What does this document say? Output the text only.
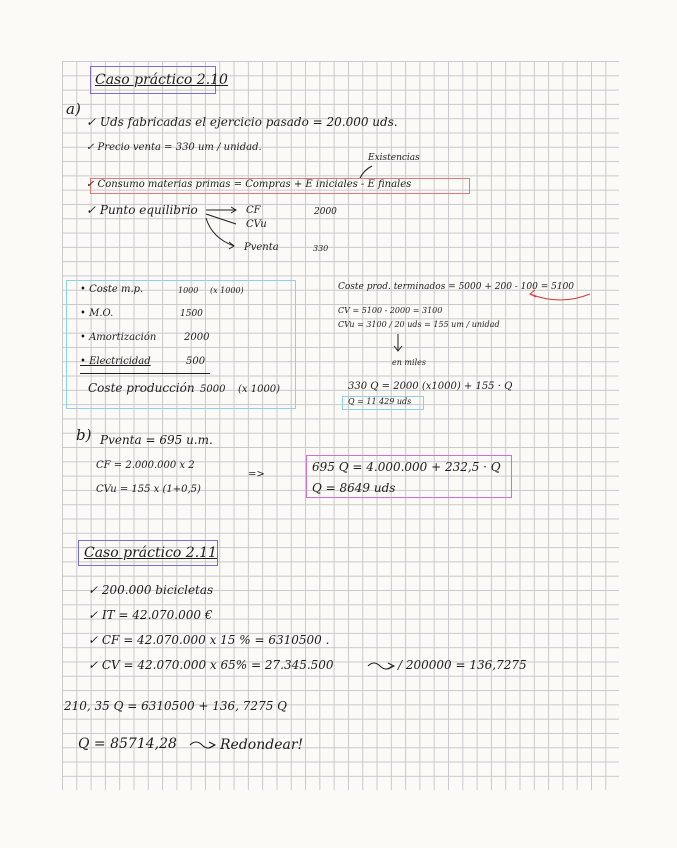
Caso práctico 2.10
a)
✓ Uds fabricadas el ejercicio pasado = 20.000 uds.
✓ Precio venta = 330 um / unidad.
Existencias
✓ Consumo materias primas = Compras + E iniciales - E finales
✓ Punto equilibrio	CF	2000
CVu
Pventa	330
• Coste m.p.	1000 (x 1000)
• M.O.	1500
• Amortización	2000
• Electricidad	500
Coste producción 5000 (x 1000)
Coste prod. terminados = 5000 + 200 - 100 = 5100
CV = 5100 - 2000 = 3100
CVu = 3100 / 20 uds = 155 um / unidad
en miles
330 Q = 2000 (x1000) + 155 · Q
Q = 11 429 uds
b) Pventa = 695 u.m.
CF = 2.000.000 x 2
CVu = 155 x (1+0,5)
=>
695 Q = 4.000.000 + 232,5 · Q
Q = 8649 uds
Caso práctico 2.11
✓ 200.000 bicicletas
✓ IT = 42.070.000 €
✓ CF = 42.070.000 x 15 % = 6310500 .
✓ CV = 42.070.000 x 65% = 27.345.500	/ 200000 = 136,7275
210, 35 Q = 6310500 + 136, 7275 Q
Q = 85714,28	Redondear!
